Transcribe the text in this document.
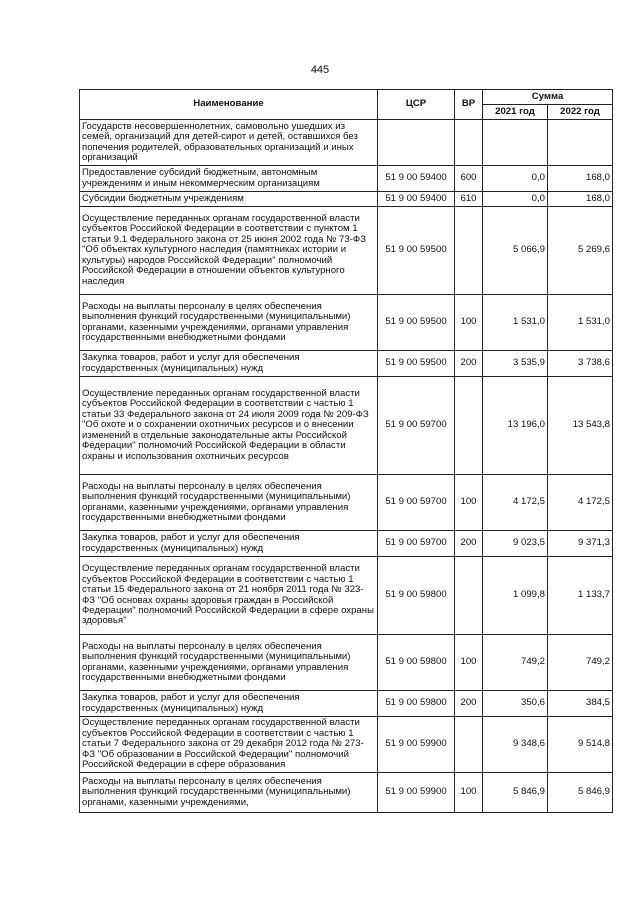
445
Наименование	ЦСР	ВР	Сумма	
			2021 год	2022 год
Государств несовершеннолетних, самовольно ушедших из семей, организаций для детей-сирот и детей, оставшихся без попечения родителей, образовательных организаций и иных организаций				
Предоставление субсидий бюджетным, автономным учреждениям и иным некоммерческим организациям	51 9 00 59400	600	0,0	168,0
Субсидии бюджетным учреждениям	51 9 00 59400	610	0,0	168,0
Осуществление переданных органам государственной власти субъектов Российской Федерации в соответствии с пунктом 1 статьи 9.1 Федерального закона от 25 июня 2002 года № 73-ФЗ "Об объектах культурного наследия (памятниках истории и культуры) народов Российской Федерации" полномочий Российской Федерации в отношении объектов культурного наследия	51 9 00 59500		5 066,9	5 269,6
Расходы на выплаты персоналу в целях обеспечения выполнения функций государственными (муниципальными) органами, казенными учреждениями, органами управления государственными внебюджетными фондами	51 9 00 59500	100	1 531,0	1 531,0
Закупка товаров, работ и услуг для обеспечения государственных (муниципальных) нужд	51 9 00 59500	200	3 535,9	3 738,6
Осуществление переданных органам государственной власти субъектов Российской Федерации в соответствии с частью 1 статьи 33 Федерального закона от 24 июля 2009 года № 209-ФЗ "Об охоте и о сохранении охотничьих ресурсов и о внесении изменений в отдельные законодательные акты Российской Федерации" полномочий Российской Федерации в области охраны и использования охотничьих ресурсов	51 9 00 59700		13 196,0	13 543,8
Расходы на выплаты персоналу в целях обеспечения выполнения функций государственными (муниципальными) органами, казенными учреждениями, органами управления государственными внебюджетными фондами	51 9 00 59700	100	4 172,5	4 172,5
Закупка товаров, работ и услуг для обеспечения государственных (муниципальных) нужд	51 9 00 59700	200	9 023,5	9 371,3
Осуществление переданных органам государственной власти субъектов Российской Федерации в соответствии с частью 1 статьи 15 Федерального закона от 21 ноября 2011 года № 323-ФЗ "Об основах охраны здоровья граждан в Российской Федерации" полномочий Российской Федерации в сфере охраны здоровья"	51 9 00 59800		1 099,8	1 133,7
Расходы на выплаты персоналу в целях обеспечения выполнения функций государственными (муниципальными) органами, казенными учреждениями, органами управления государственными внебюджетными фондами	51 9 00 59800	100	749,2	749,2
Закупка товаров, работ и услуг для обеспечения государственных (муниципальных) нужд	51 9 00 59800	200	350,6	384,5
Осуществление переданных органам государственной власти субъектов Российской Федерации в соответствии с частью 1 статьи 7 Федерального закона от 29 декабря 2012 года № 273-ФЗ "Об образовании в Российской Федерации" полномочий Российской Федерации в сфере образования	51 9 00 59900		9 348,6	9 514,8
Расходы на выплаты персоналу в целях обеспечения выполнения функций государственными (муниципальными) органами, казенными учреждениями,	51 9 00 59900	100	5 846,9	5 846,9
